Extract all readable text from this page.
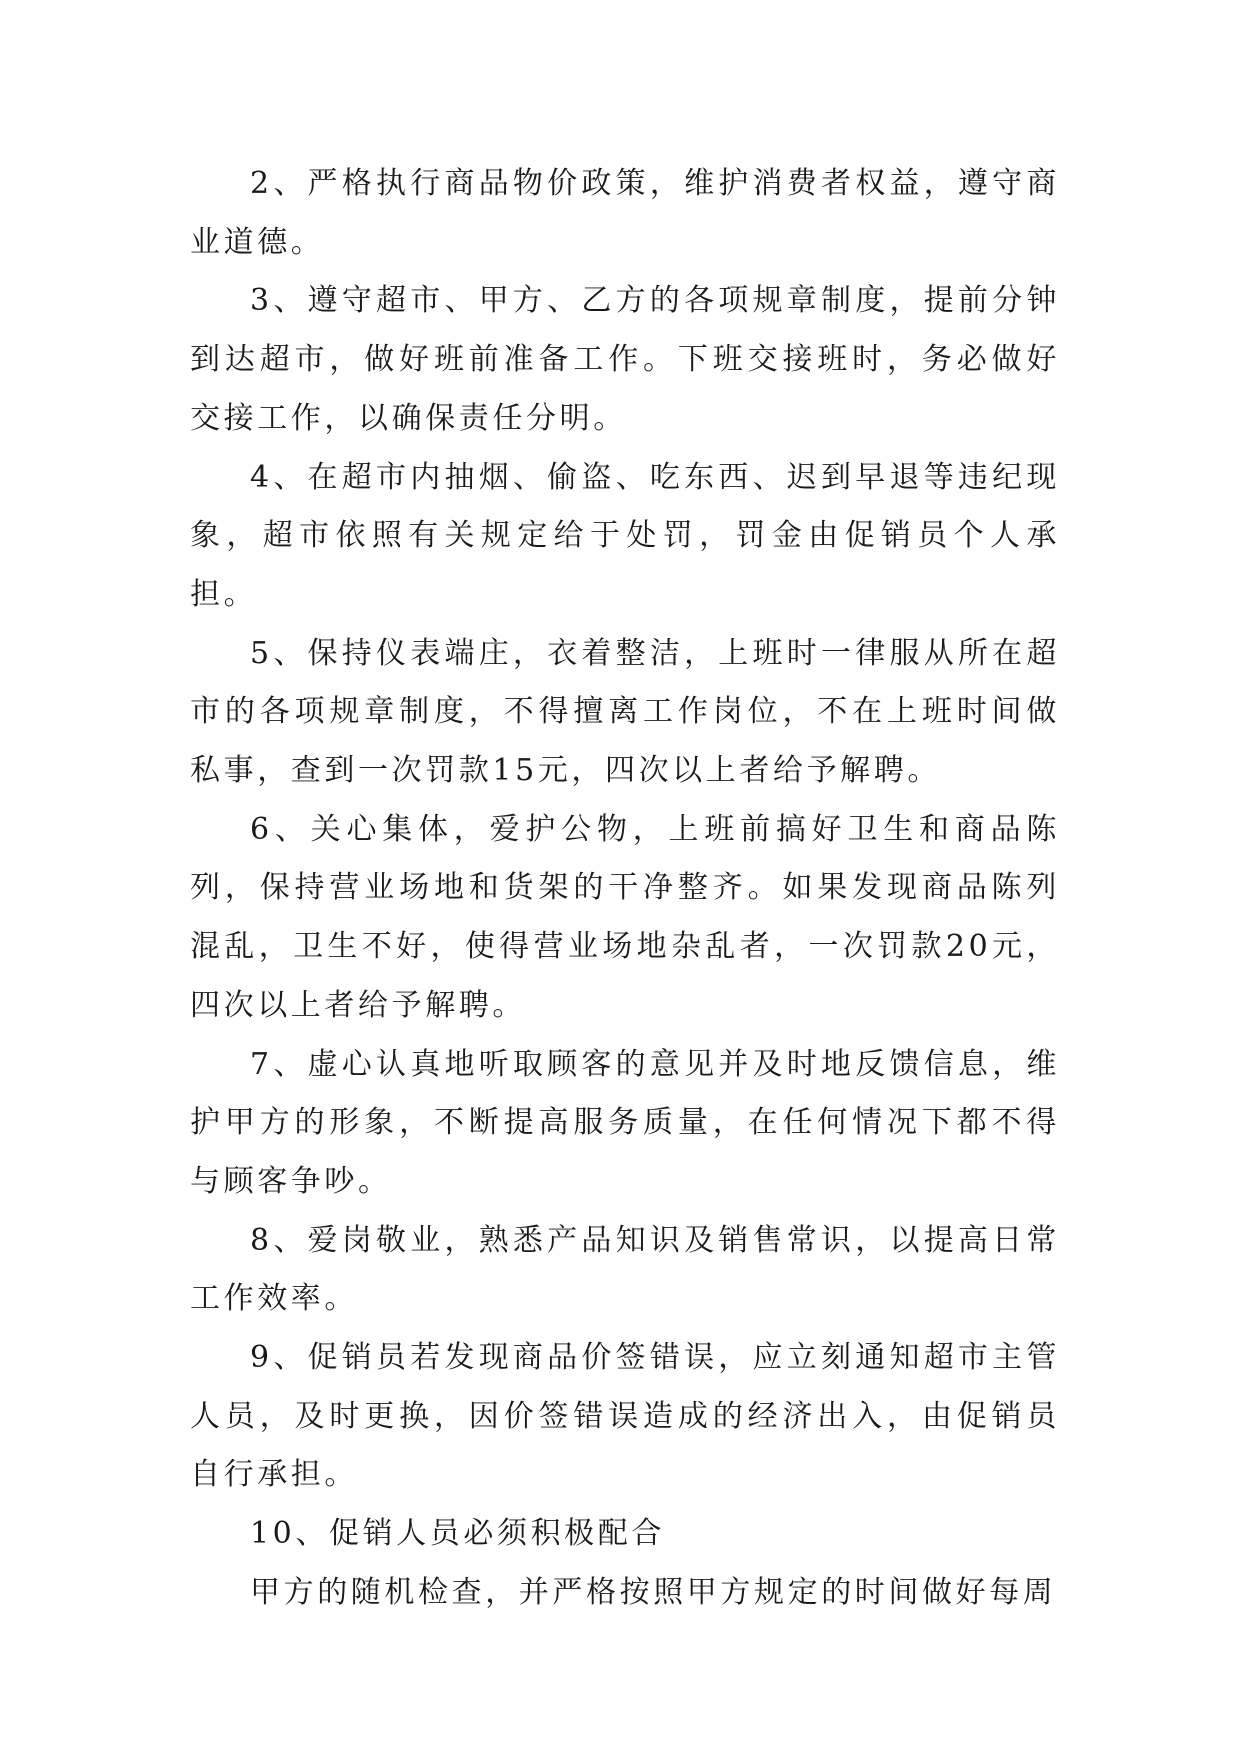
2、严格执行商品物价政策，维护消费者权益，遵守商业道德。

3、遵守超市、甲方、乙方的各项规章制度，提前分钟到达超市，做好班前准备工作。下班交接班时，务必做好交接工作，以确保责任分明。

4、在超市内抽烟、偷盗、吃东西、迟到早退等违纪现象，超市依照有关规定给于处罚，罚金由促销员个人承担。

5、保持仪表端庄，衣着整洁，上班时一律服从所在超市的各项规章制度，不得擅离工作岗位，不在上班时间做私事，查到一次罚款15元，四次以上者给予解聘。

6、关心集体，爱护公物，上班前搞好卫生和商品陈列，保持营业场地和货架的干净整齐。如果发现商品陈列混乱，卫生不好，使得营业场地杂乱者，一次罚款20元，四次以上者给予解聘。

7、虚心认真地听取顾客的意见并及时地反馈信息，维护甲方的形象，不断提高服务质量，在任何情况下都不得与顾客争吵。

8、爱岗敬业，熟悉产品知识及销售常识，以提高日常工作效率。

9、促销员若发现商品价签错误，应立刻通知超市主管人员，及时更换，因价签错误造成的经济出入，由促销员自行承担。

10、促销人员必须积极配合

甲方的随机检查，并严格按照甲方规定的时间做好每周
